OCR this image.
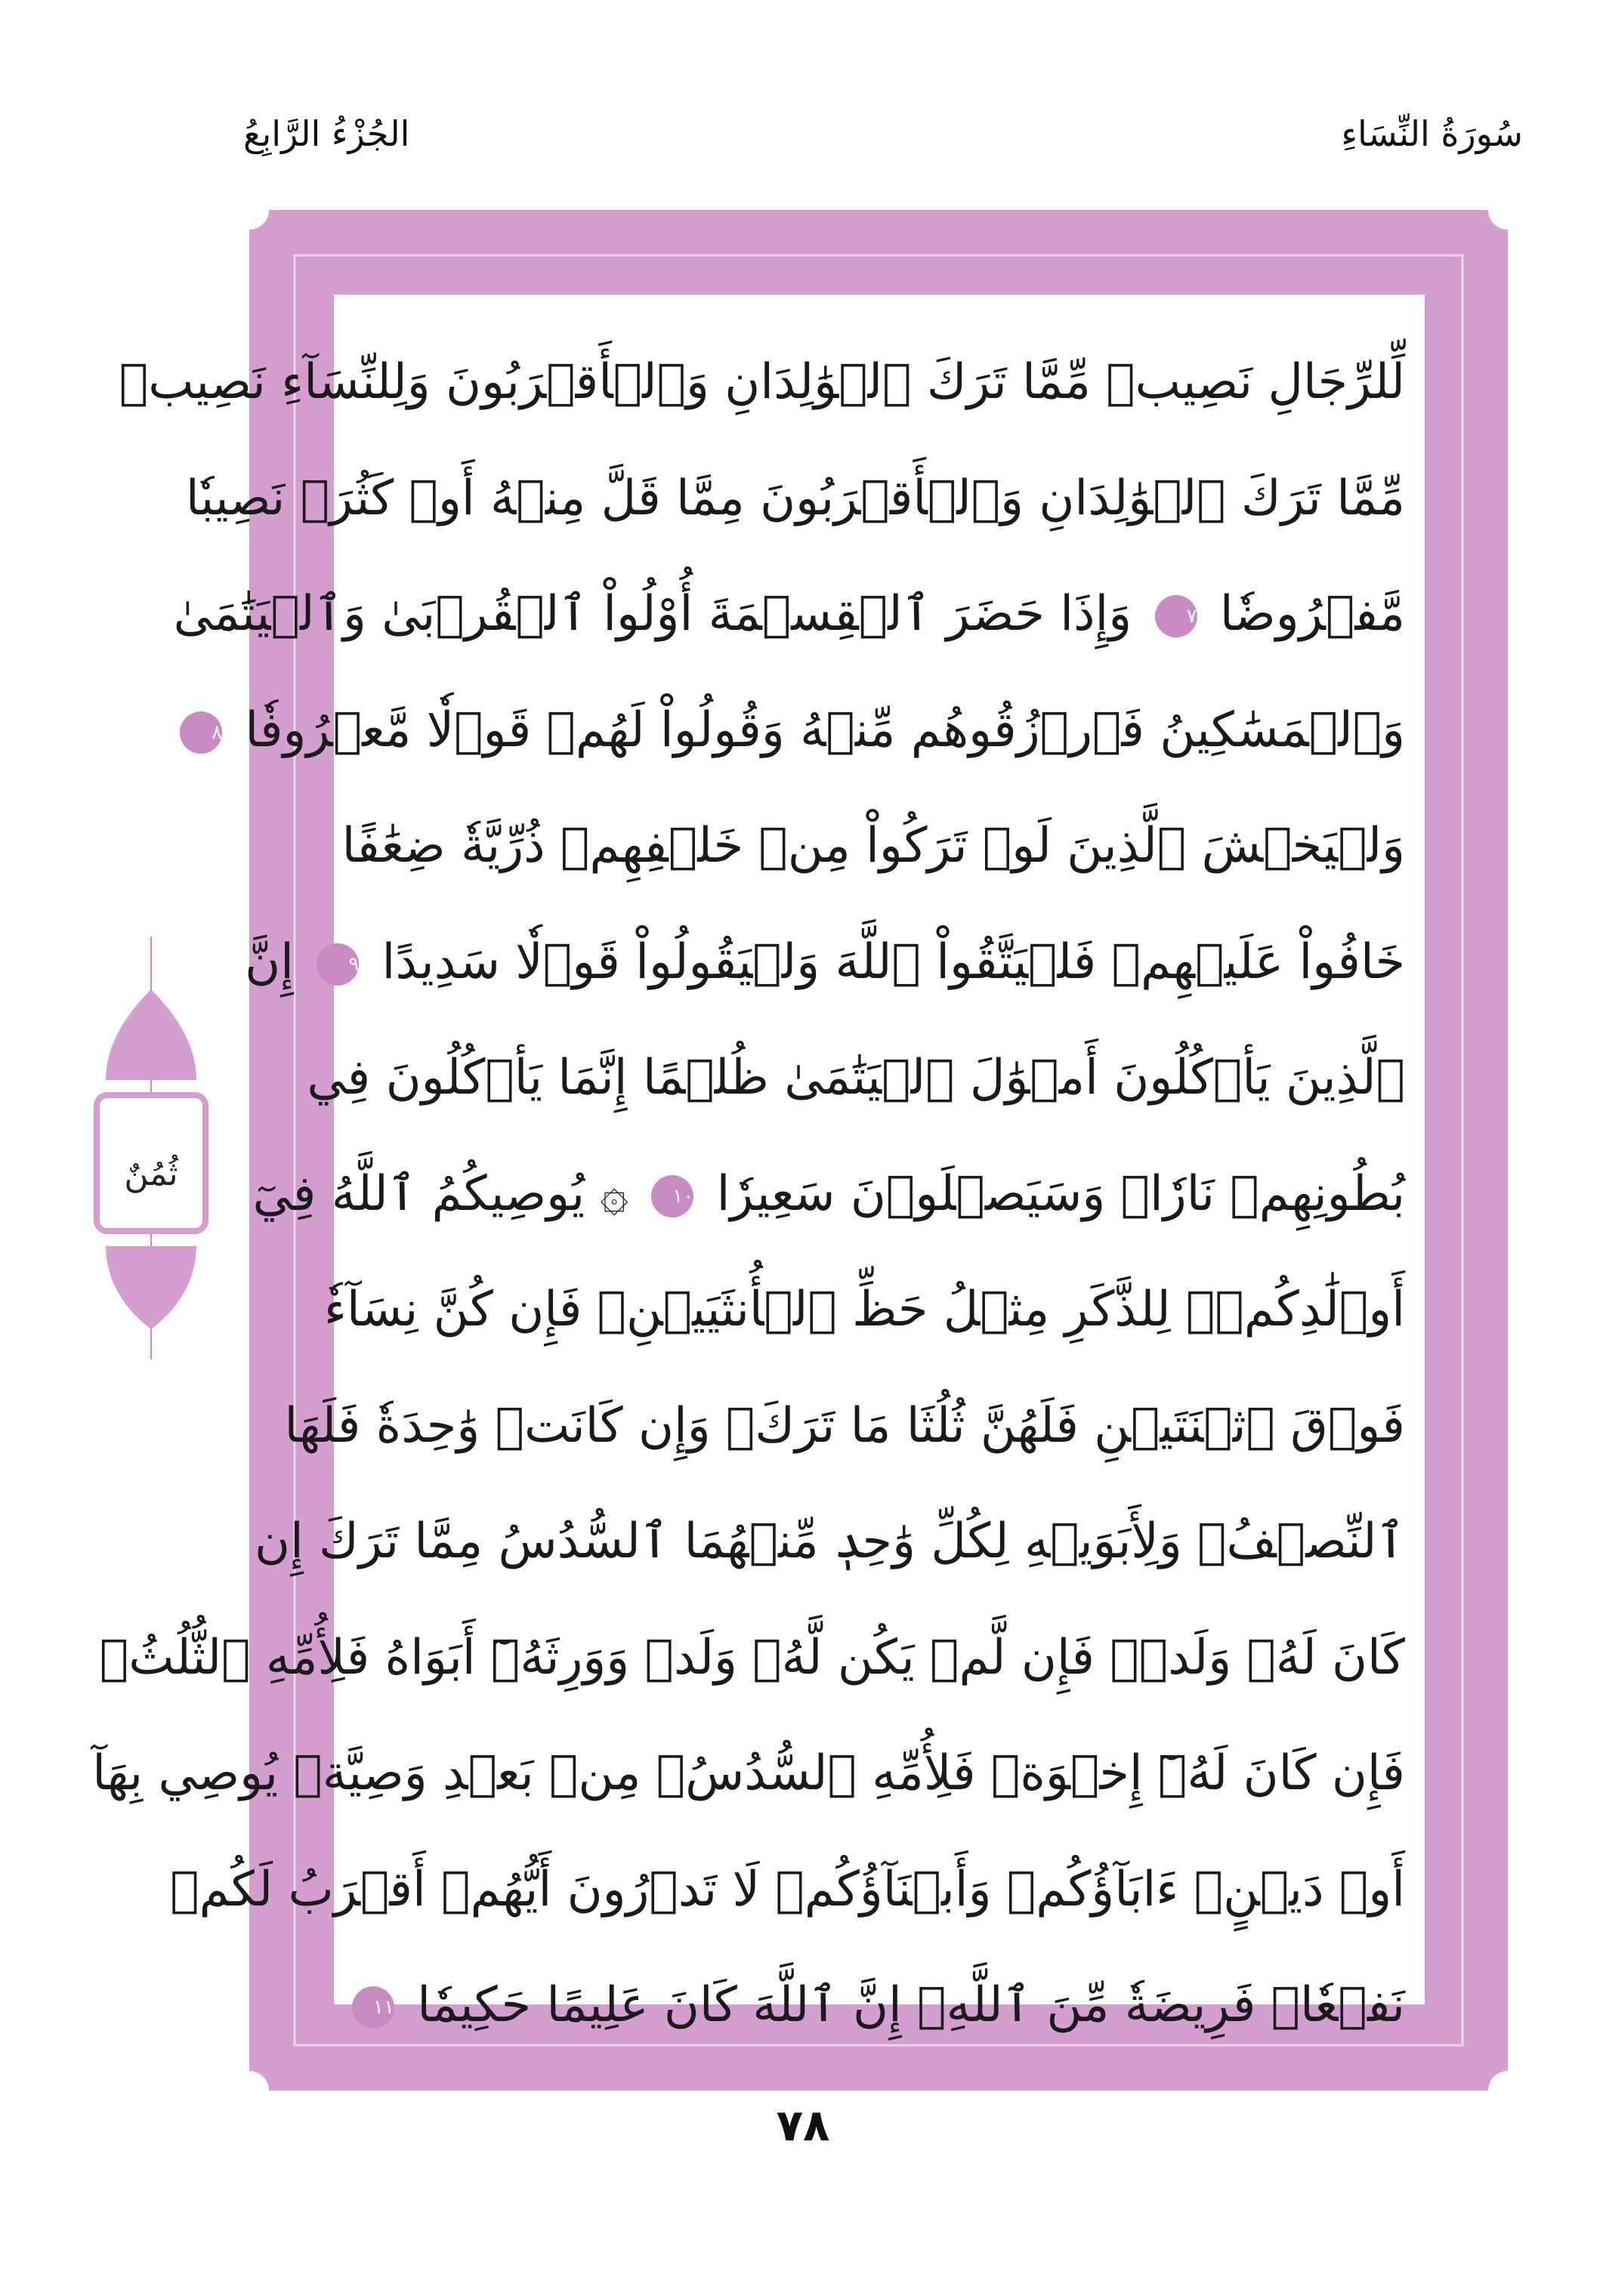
الجُزْءُ الرَّابِعُ	سُورَةُ النِّسَاءِ
لِّلرِّجَالِ نَصِيبٞ مِّمَّا تَرَكَ ٱلۡوَٰلِدَانِ وَٱلۡأَقۡرَبُونَ وَلِلنِّسَآءِ نَصِيبٞ
مِّمَّا تَرَكَ ٱلۡوَٰلِدَانِ وَٱلۡأَقۡرَبُونَ مِمَّا قَلَّ مِنۡهُ أَوۡ كَثُرَۚ نَصِيبٗا
مَّفۡرُوضٗا ٧ وَإِذَا حَضَرَ ٱلۡقِسۡمَةَ أُوْلُواْ ٱلۡقُرۡبَىٰ وَٱلۡيَتَٰمَىٰ
وَٱلۡمَسَٰكِينُ فَٱرۡزُقُوهُم مِّنۡهُ وَقُولُواْ لَهُمۡ قَوۡلٗا مَّعۡرُوفٗا ٨
وَلۡيَخۡشَ ٱلَّذِينَ لَوۡ تَرَكُواْ مِنۡ خَلۡفِهِمۡ ذُرِّيَّةٗ ضِعَٰفًا
خَافُواْ عَلَيۡهِمۡ فَلۡيَتَّقُواْ ٱللَّهَ وَلۡيَقُولُواْ قَوۡلٗا سَدِيدًا ٩ إِنَّ
ٱلَّذِينَ يَأۡكُلُونَ أَمۡوَٰلَ ٱلۡيَتَٰمَىٰ ظُلۡمًا إِنَّمَا يَأۡكُلُونَ فِي
بُطُونِهِمۡ نَارٗاۖ وَسَيَصۡلَوۡنَ سَعِيرٗا ١٠ ۞ يُوصِيكُمُ ٱللَّهُ فِيٓ
أَوۡلَٰدِكُمۡۖ لِلذَّكَرِ مِثۡلُ حَظِّ ٱلۡأُنثَيَيۡنِۚ فَإِن كُنَّ نِسَآءٗ
فَوۡقَ ٱثۡنَتَيۡنِ فَلَهُنَّ ثُلُثَا مَا تَرَكَۖ وَإِن كَانَتۡ وَٰحِدَةٗ فَلَهَا
ٱلنِّصۡفُۚ وَلِأَبَوَيۡهِ لِكُلِّ وَٰحِدٖ مِّنۡهُمَا ٱلسُّدُسُ مِمَّا تَرَكَ إِن
كَانَ لَهُۥ وَلَدٞۚ فَإِن لَّمۡ يَكُن لَّهُۥ وَلَدٞ وَوَرِثَهُۥٓ أَبَوَاهُ فَلِأُمِّهِ ٱلثُّلُثُۚ
فَإِن كَانَ لَهُۥٓ إِخۡوَةٞ فَلِأُمِّهِ ٱلسُّدُسُۚ مِنۢ بَعۡدِ وَصِيَّةٖ يُوصِي بِهَآ
أَوۡ دَيۡنٍۗ ءَابَآؤُكُمۡ وَأَبۡنَآؤُكُمۡ لَا تَدۡرُونَ أَيُّهُمۡ أَقۡرَبُ لَكُمۡ
نَفۡعٗاۚ فَرِيضَةٗ مِّنَ ٱللَّهِۗ إِنَّ ٱللَّهَ كَانَ عَلِيمًا حَكِيمٗا ١١
ثُمُنٌ
٧٨
